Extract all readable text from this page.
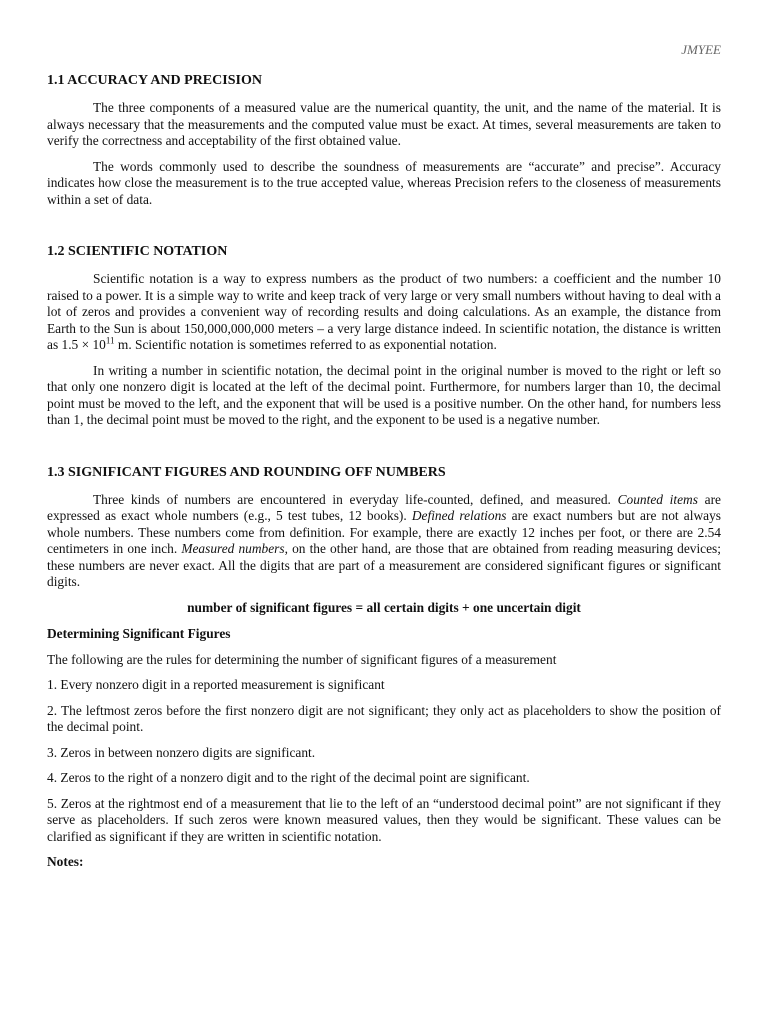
JMYEE
1.1 ACCURACY AND PRECISION

The three components of a measured value are the numerical quantity, the unit, and the name of the material. It is always necessary that the measurements and the computed value must be exact. At times, several measurements are taken to verify the correctness and acceptability of the first obtained value.

The words commonly used to describe the soundness of measurements are “accurate” and precise”. Accuracy indicates how close the measurement is to the true accepted value, whereas Precision refers to the closeness of measurements within a set of data.

1.2 SCIENTIFIC NOTATION

Scientific notation is a way to express numbers as the product of two numbers: a coefficient and the number 10 raised to a power. It is a simple way to write and keep track of very large or very small numbers without having to deal with a lot of zeros and provides a convenient way of recording results and doing calculations. As an example, the distance from Earth to the Sun is about 150,000,000,000 meters – a very large distance indeed. In scientific notation, the distance is written as $1.5 \times 10^{11}$ m. Scientific notation is sometimes referred to as exponential notation.

In writing a number in scientific notation, the decimal point in the original number is moved to the right or left so that only one nonzero digit is located at the left of the decimal point. Furthermore, for numbers larger than 10, the decimal point must be moved to the left, and the exponent that will be used is a positive number. On the other hand, for numbers less than 1, the decimal point must be moved to the right, and the exponent to be used is a negative number.

1.3 SIGNIFICANT FIGURES AND ROUNDING OFF NUMBERS

Three kinds of numbers are encountered in everyday life-counted, defined, and measured. Counted items are expressed as exact whole numbers (e.g., 5 test tubes, 12 books). Defined relations are exact numbers but are not always whole numbers. These numbers come from definition. For example, there are exactly 12 inches per foot, or there are 2.54 centimeters in one inch. Measured numbers, on the other hand, are those that are obtained from reading measuring devices; these numbers are never exact. All the digits that are part of a measurement are considered significant figures or significant digits.

number of significant figures = all certain digits + one uncertain digit
Determining Significant Figures

The following are the rules for determining the number of significant figures of a measurement

1. Every nonzero digit in a reported measurement is significant
2. The leftmost zeros before the first nonzero digit are not significant; they only act as placeholders to show the position of the decimal point.
3. Zeros in between nonzero digits are significant.
4. Zeros to the right of a nonzero digit and to the right of the decimal point are significant.
5. Zeros at the rightmost end of a measurement that lie to the left of an “understood decimal point” are not significant if they serve as placeholders. If such zeros were known measured values, then they would be significant. These values can be clarified as significant if they are written in scientific notation.
Notes:
